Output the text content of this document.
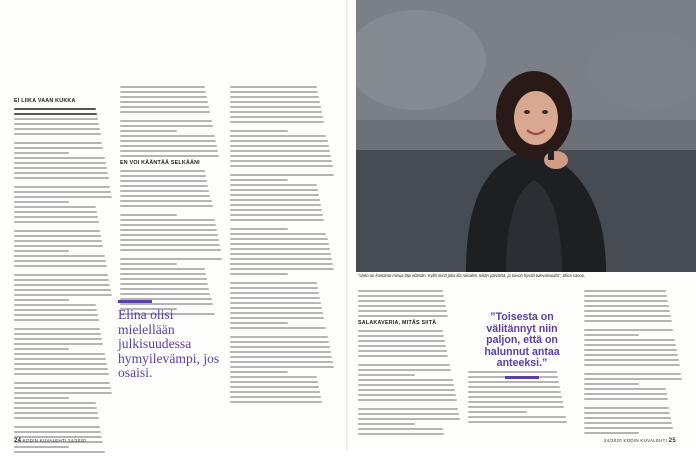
EI LIIKA VAAN KUKKA
EN VOI KÄÄNTÄÄ SELKÄÄNI
Elina olisi mielellään julkisuudessa hymyilevämpi, jos osaisi.
24 KODIN KUVALEHTI 24/2020
”Usko on kantanut minua läpi elämän. Kyllä minä joka illa rukoilen, kiitän päivästä, ja toivon hyvää tulevaisuutta”, Elina sanoo.
SALAKAVERIA, MITÄS SIITÄ	”Toisesta on välitännyt niin paljon, että on halunnut antaa anteeksi.”
24/2020 KODIN KUVALEHTI 25
